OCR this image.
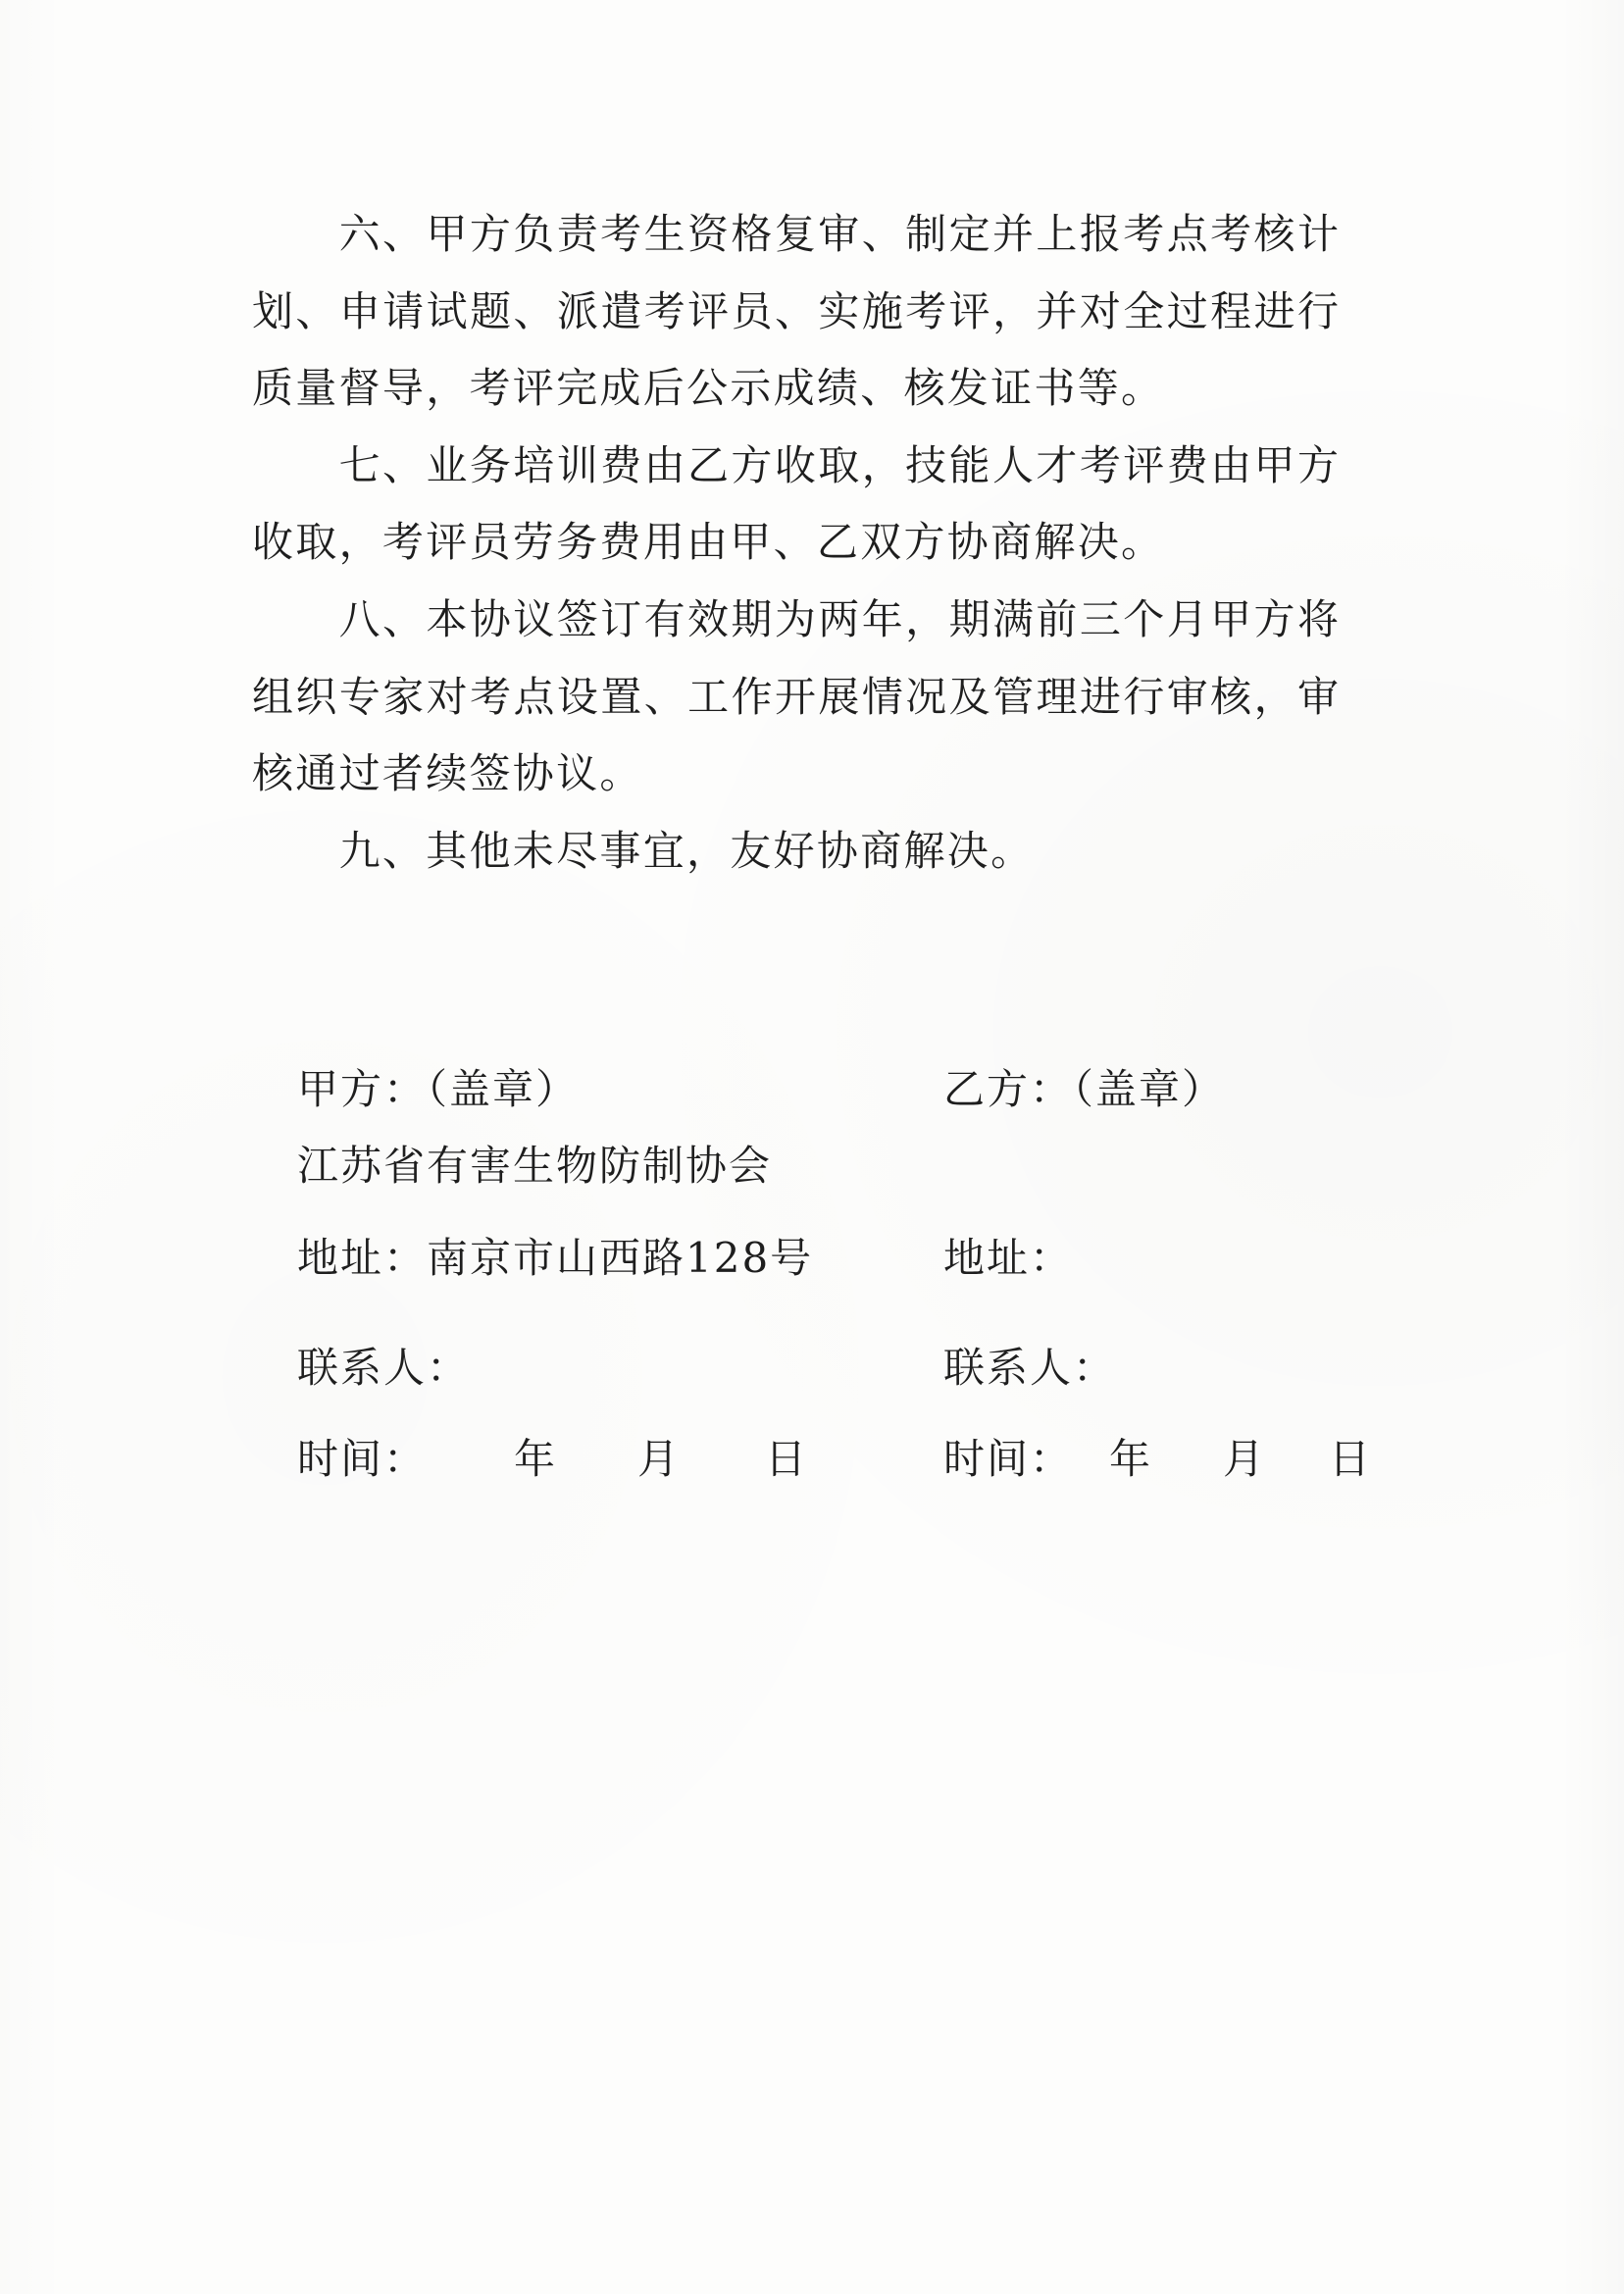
六、甲方负责考生资格复审、制定并上报考点考核计
划、申请试题、派遣考评员、实施考评，并对全过程进行
质量督导，考评完成后公示成绩、核发证书等。
七、业务培训费由乙方收取，技能人才考评费由甲方
收取，考评员劳务费用由甲、乙双方协商解决。
八、本协议签订有效期为两年，期满前三个月甲方将
组织专家对考点设置、工作开展情况及管理进行审核，审
核通过者续签协议。
九、其他未尽事宜，友好协商解决。
甲方：（盖章）
江苏省有害生物防制协会
地址：南京市山西路128号
联系人：
时间： 年 月 日
乙方：（盖章）
地址：
联系人：
时间： 年 月 日
